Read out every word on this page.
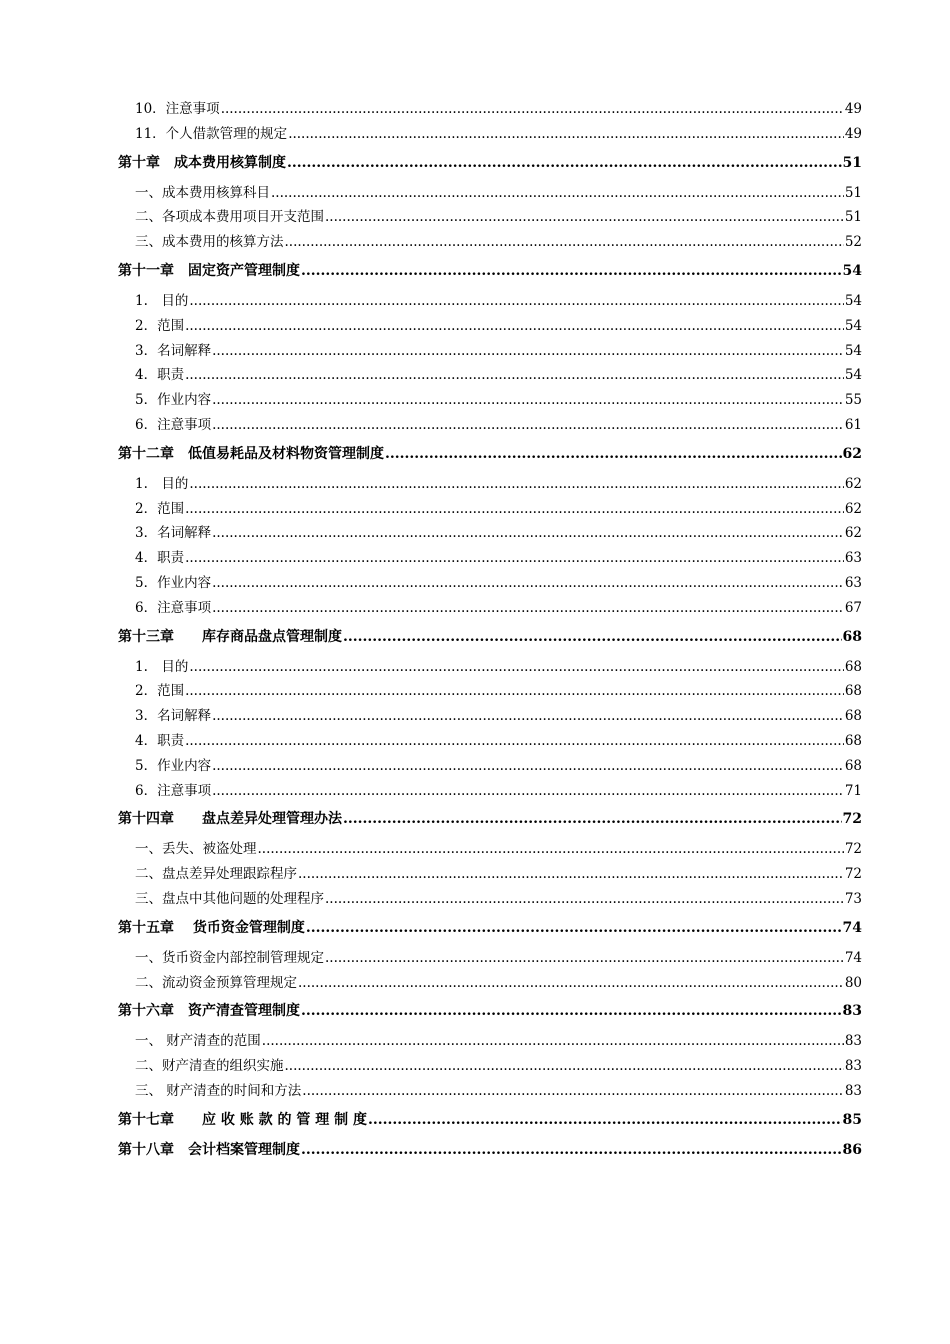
10．注意事项 .....	49
11．个人借款管理的规定 .....	49
第十章　成本费用核算制度 .....	51
一、成本费用核算科目 .....	51
二、各项成本费用项目开支范围 .....	51
三、成本费用的核算方法 .....	52
第十一章　固定资产管理制度 .....	54
1.　目的 .....	54
2．范围 .....	54
3．名词解释 .....	54
4．职责 .....	54
5．作业内容 .....	55
6．注意事项 .....	61
第十二章　低值易耗品及材料物资管理制度 .....	62
1.　目的 .....	62
2．范围 .....	62
3．名词解释 .....	62
4．职责 .....	63
5．作业内容 .....	63
6．注意事项 .....	67
第十三章　　库存商品盘点管理制度 .....	68
1.　目的 .....	68
2．范围 .....	68
3．名词解释 .....	68
4．职责 .....	68
5．作业内容 .....	68
6．注意事项 .....	71
第十四章　　盘点差异处理管理办法 .....	72
一、丢失、被盗处理 .....	72
二、盘点差异处理跟踪程序 .....	72
三、盘点中其他问题的处理程序 .....	73
第十五章　 货币资金管理制度 .....	74
一、货币资金内部控制管理规定 .....	74
二、流动资金预算管理规定 .....	80
第十六章　资产清查管理制度 .....	83
一、 财产清查的范围 .....	83
二、财产清查的组织实施 .....	83
三、 财产清查的时间和方法 .....	83
第十七章　　应 收 账 款 的 管 理 制 度 .....	85
第十八章　会计档案管理制度 .....	86
